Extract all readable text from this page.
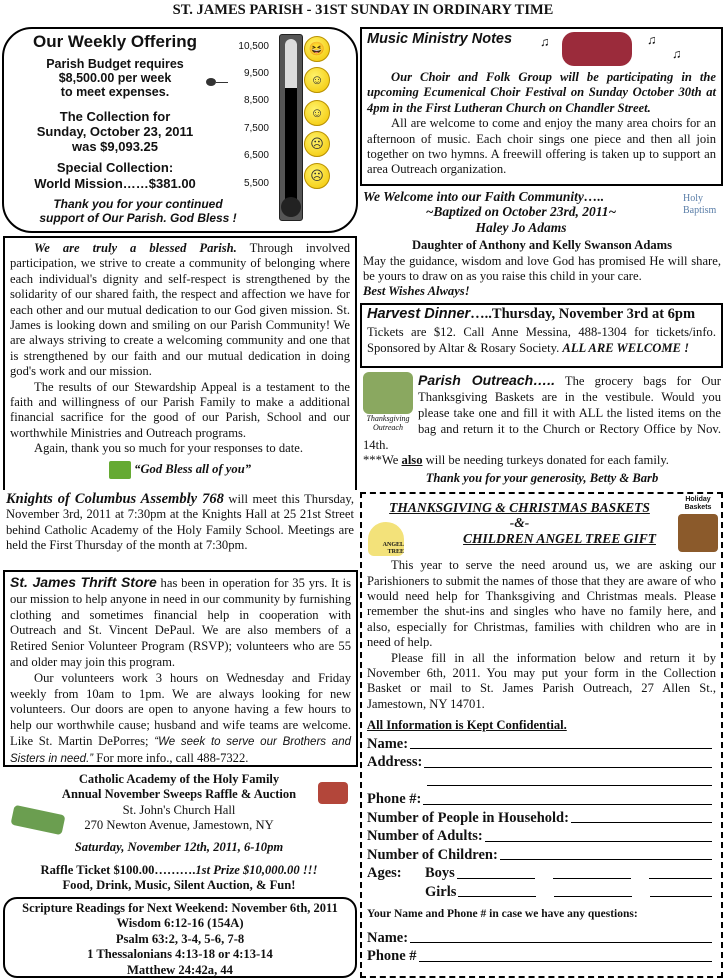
ST. JAMES PARISH - 31ST SUNDAY IN ORDINARY TIME
Our Weekly Offering
Parish Budget requires
$8,500.00 per week
to meet expenses.
The Collection for
Sunday, October 23, 2011
was $9,093.25
Special Collection:
World Mission……$381.00
Thank you for your continued
support of Our Parish. God Bless !
10,500
9,500
8,500
7,500
6,500
5,500
😆
☺
☺
☹
☹

We are truly a blessed Parish. Through involved participation, we strive to create a community of belonging where each individual's dignity and self-respect is strengthened by the solidarity of our shared faith, the respect and affection we have for each other and our mutual dedication to our God given mission. St. James is looking down and smiling on our Parish Community! We are always striving to create a welcoming community and one that is strengthened by our faith and our mutual dedication in doing god's work and our mission.

The results of our Stewardship Appeal is a testament to the faith and willingness of our Parish Family to make a additional financial sacrifice for the good of our Parish, School and our worthwhile Ministries and Outreach programs.

Again, thank you so much for your responses to date.

“God Bless all of you”

Knights of Columbus Assembly 768 will meet this Thursday, November 3rd, 2011 at 7:30pm at the Knights Hall at 25 21st Street behind Catholic Academy of the Holy Family School. Meetings are held the First Thursday of the month at 7:30pm.

St. James Thrift Store has been in operation for 35 yrs. It is our mission to help anyone in need in our community by furnishing clothing and sometimes financial help in cooperation with Outreach and St. Vincent DePaul. We are also members of a Retired Senior Volunteer Program (RSVP); volunteers who are 55 and older may join this program.

Our volunteers work 3 hours on Wednesday and Friday weekly from 10am to 1pm. We are always looking for new volunteers. Our doors are open to anyone having a few hours to help our worthwhile cause; husband and wife teams are welcome. Like St. Martin DePorres; “We seek to serve our Brothers and Sisters in need.” For more info., call 488-7322.

Catholic Academy of the Holy Family
Annual November Sweeps Raffle & Auction
St. John's Church Hall
270 Newton Avenue, Jamestown, NY
Saturday, November 12th, 2011, 6-10pm
Raffle Ticket $100.00……….1st Prize $10,000.00 !!!
Food, Drink, Music, Silent Auction, & Fun!
Scripture Readings for Next Weekend: November 6th, 2011
Wisdom 6:12-16 (154A)
Psalm 63:2, 3-4, 5-6, 7-8
1 Thessalonians 4:13-18 or 4:13-14
Matthew 24:42a, 44
Music Ministry Notes	♫	♫
♫

Our Choir and Folk Group will be participating in the upcoming Ecumenical Choir Festival on Sunday October 30th at 4pm in the First Lutheran Church on Chandler Street.

All are welcome to come and enjoy the many area choirs for an afternoon of music. Each choir sings one piece and then all join together on two hymns. A freewill offering is taken up to support an area Outreach organization.

We Welcome into our Faith Community…..
~Baptized on October 23rd, 2011~
Haley Jo Adams
Daughter of Anthony and Kelly Swanson Adams

May the guidance, wisdom and love God has promised He will share, be yours to draw on as you raise this child in your care.

Best Wishes Always!
Holy
Baptism
Harvest Dinner…..Thursday, November 3rd at 6pm

Tickets are $12. Call Anne Messina, 488-1304 for tickets/info. Sponsored by Altar & Rosary Society. ALL ARE WELCOME !

Thanksgiving
Outreach

Parish Outreach….. The grocery bags for Our Thanksgiving Baskets are in the vestibule. Would you please take one and fill it with ALL the listed items on the bag and return it to the Church or Rectory Office by Nov. 14th.

***We also will be needing turkeys donated for each family.

Thank you for your generosity, Betty & Barb
THANKSGIVING & CHRISTMAS BASKETS
-&-
CHILDREN ANGEL TREE GIFT
ANGEL TREE
Holiday Baskets

This year to serve the need around us, we are asking our Parishioners to submit the names of those that they are aware of who would need help for Thanksgiving and Christmas meals. Please remember the shut-ins and singles who have no family here, and also, especially for Christmas, families with children who are in need of help.

Please fill in all the information below and return it by November 6th, 2011. You may put your form in the Collection Basket or mail to St. James Parish Outreach, 27 Allen St., Jamestown, NY 14701.

All Information is Kept Confidential.
Name:
Address:
Phone #:
Number of People in Household:
Number of Adults:
Number of Children:
Ages:	Boys
Girls
Your Name and Phone # in case we have any questions:
Name:
Phone #
